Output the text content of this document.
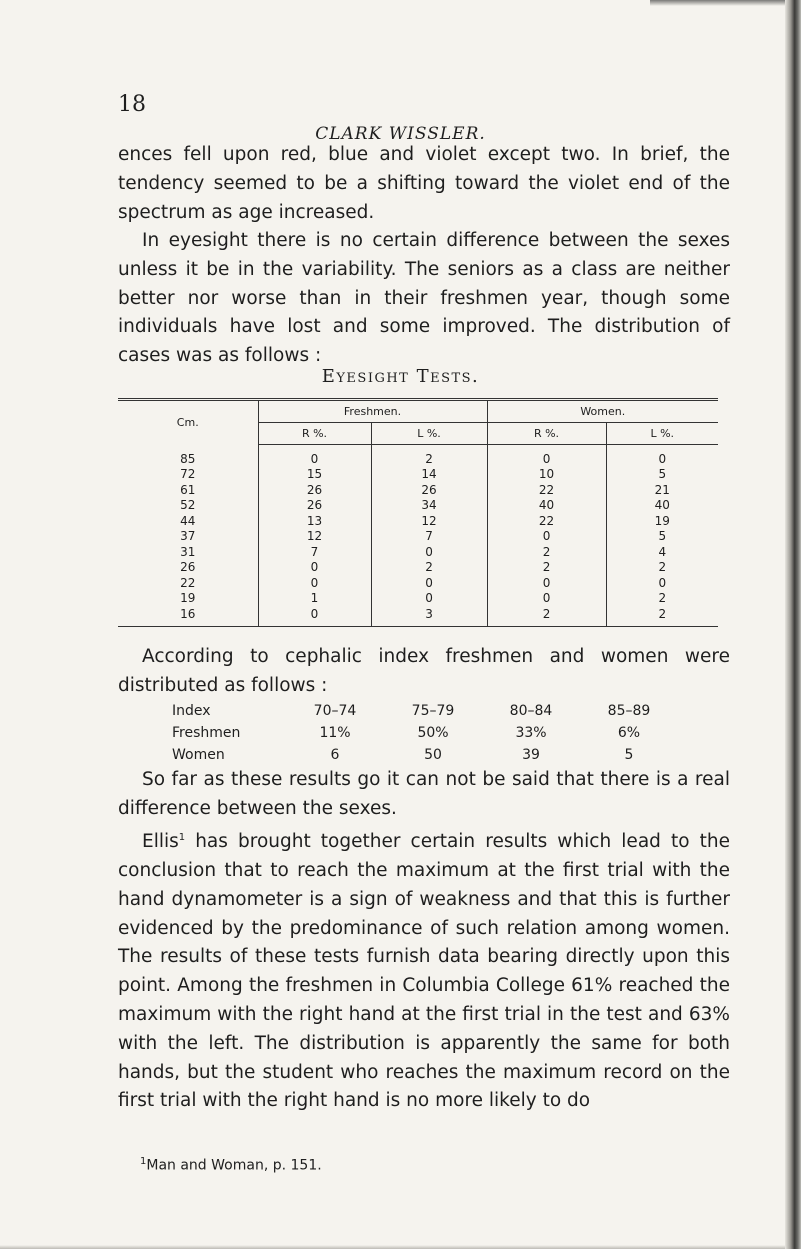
18
CLARK WISSLER.

ences fell upon red, blue and violet except two. In brief, the tendency seemed to be a shifting toward the violet end of the spectrum as age increased.

In eyesight there is no certain difference between the sexes unless it be in the variability. The seniors as a class are neither better nor worse than in their freshmen year, though some individuals have lost and some improved. The distribution of cases was as follows :

Eyesight Tests.
Cm.	Freshmen.		Women.	
	R %.	L %.	R %.	L %.
85	0	2	0	0
72	15	14	10	5
61	26	26	22	21
52	26	34	40	40
44	13	12	22	19
37	12	7	0	5
31	7	0	2	4
26	0	2	2	2
22	0	0	0	0
19	1	0	0	2
16	0	3	2	2

According to cephalic index freshmen and women were distributed as follows :

Index	70–74	75–79	80–84	85–89
Freshmen	11%	50%	33%	6%
Women	6	50	39	5

So far as these results go it can not be said that there is a real difference between the sexes.

Ellis$^1$ has brought together certain results which lead to the conclusion that to reach the maximum at the first trial with the hand dynamometer is a sign of weakness and that this is further evidenced by the predominance of such relation among women. The results of these tests furnish data bearing directly upon this point. Among the freshmen in Columbia College 61% reached the maximum with the right hand at the first trial in the test and 63% with the left. The distribution is apparently the same for both hands, but the student who reaches the maximum record on the first trial with the right hand is no more likely to do

$^1$Man and Woman, p. 151.
